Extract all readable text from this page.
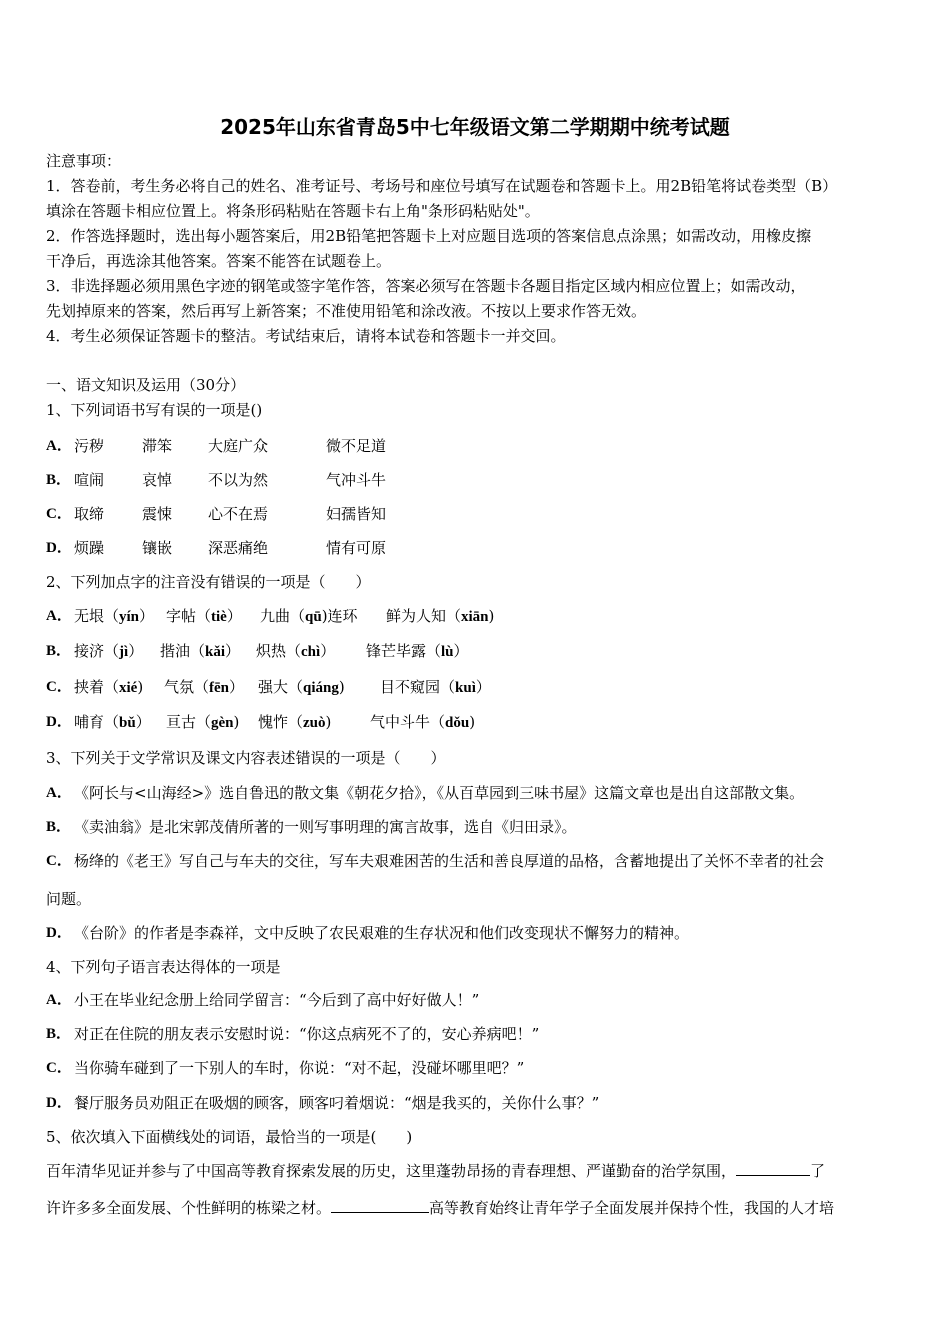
2025年山东省青岛5中七年级语文第二学期期中统考试题
注意事项：
1．答卷前，考生务必将自己的姓名、准考证号、考场号和座位号填写在试题卷和答题卡上。用2B铅笔将试卷类型（B）
填涂在答题卡相应位置上。将条形码粘贴在答题卡右上角"条形码粘贴处"。
2．作答选择题时，选出每小题答案后，用2B铅笔把答题卡上对应题目选项的答案信息点涂黑；如需改动，用橡皮擦
干净后，再选涂其他答案。答案不能答在试题卷上。
3．非选择题必须用黑色字迹的钢笔或签字笔作答，答案必须写在答题卡各题目指定区域内相应位置上；如需改动，
先划掉原来的答案，然后再写上新答案；不准使用铅笔和涂改液。不按以上要求作答无效。
4．考生必须保证答题卡的整洁。考试结束后，请将本试卷和答题卡一并交回。
一、语文知识及运用（30分）
1、下列词语书写有误的一项是()
A． 污秽	滞笨 大庭广众	微不足道
B． 喧闹	哀悼 不以为然	气冲斗牛
C． 取缔	震悚 心不在焉	妇孺皆知
D． 烦躁	镶嵌 深恶痛绝	情有可原
2、下列加点字的注音没有错误的一项是（　　）
A． 无垠（yín） 字帖（tiè） 九曲（qū)连环 鲜为人知（xiān)
B． 接济（jì） 揩油（kǎi） 炽热（chì） 锋芒毕露（lù）
C． 挟着（xié) 气氛（fēn） 强大（qiáng) 目不窥园（kuì）
D． 哺育（bǔ） 亘古（gèn) 愧怍（zuò)	气中斗牛（dǒu)
3、下列关于文学常识及课文内容表述错误的一项是（　　）
A． 《阿长与<山海经>》选自鲁迅的散文集《朝花夕拾》，《从百草园到三味书屋》这篇文章也是出自这部散文集。
B． 《卖油翁》是北宋郭茂倩所著的一则写事明理的寓言故事，选自《归田录》。
C． 杨绛的《老王》写自己与车夫的交往，写车夫艰难困苦的生活和善良厚道的品格，含蓄地提出了关怀不幸者的社会
问题。
D． 《台阶》的作者是李森祥，文中反映了农民艰难的生存状况和他们改变现状不懈努力的精神。
4、下列句子语言表达得体的一项是
A． 小王在毕业纪念册上给同学留言：“今后到了高中好好做人！”
B． 对正在住院的朋友表示安慰时说：“你这点病死不了的，安心养病吧！”
C． 当你骑车碰到了一下别人的车时，你说：“对不起，没碰坏哪里吧？”
D． 餐厅服务员劝阻正在吸烟的顾客，顾客叼着烟说：“烟是我买的，关你什么事？”
5、依次填入下面横线处的词语，最恰当的一项是(　　)
百年清华见证并参与了中国高等教育探索发展的历史，这里蓬勃昂扬的青春理想、严谨勤奋的治学氛围，	了
许许多多全面发展、个性鲜明的栋梁之材。	高等教育始终让青年学子全面发展并保持个性，我国的人才培
